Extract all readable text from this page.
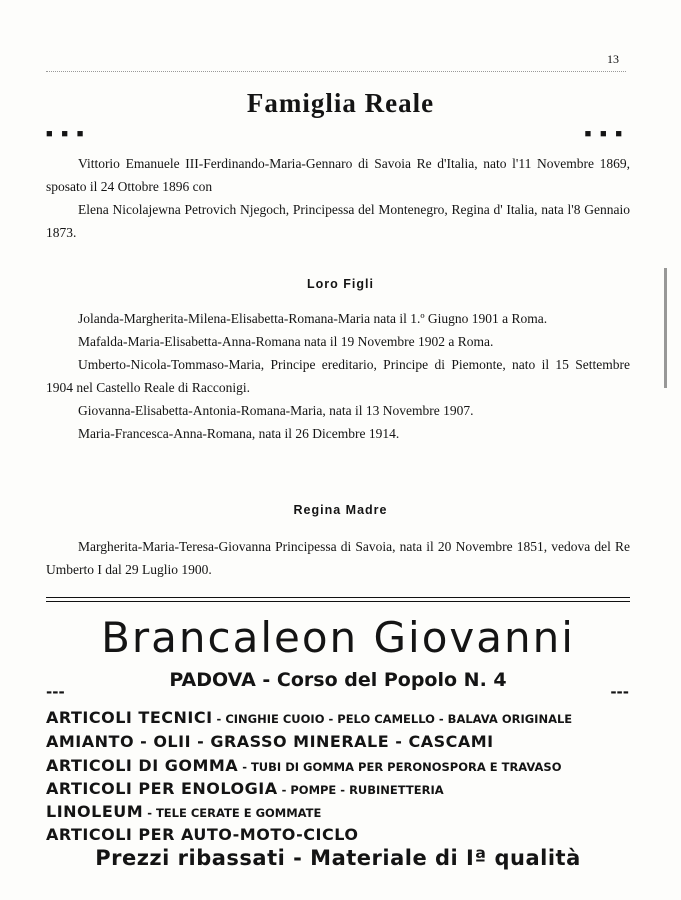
13
Famiglia Reale
■ ■ ■	■ ■ ■

Vittorio Emanuele III-Ferdinando-Maria-Gennaro di Savoia Re d'Italia, nato l'11 Novembre 1869, sposato il 24 Ottobre 1896 con

Elena Nicolajewna Petrovich Njegoch, Principessa del Montenegro, Regina d' Italia, nata l'8 Gennaio 1873.

Loro Figli

Jolanda-Margherita-Milena-Elisabetta-Romana-Maria nata il 1.º Giugno 1901 a Roma.

Mafalda-Maria-Elisabetta-Anna-Romana nata il 19 Novembre 1902 a Roma.

Umberto-Nicola-Tommaso-Maria, Principe ereditario, Principe di Piemonte, nato il 15 Settembre 1904 nel Castello Reale di Racconigi.

Giovanna-Elisabetta-Antonia-Romana-Maria, nata il 13 Novembre 1907.

Maria-Francesca-Anna-Romana, nata il 26 Dicembre 1914.

Regina Madre

Margherita-Maria-Teresa-Giovanna Principessa di Savoia, nata il 20 Novembre 1851, vedova del Re Umberto I dal 29 Luglio 1900.

Brancaleon Giovanni
---
PADOVA - Corso del Popolo N. 4
---
ARTICOLI TECNICI - CINGHIE CUOIO - PELO CAMELLO - BALAVA ORIGINALE
AMIANTO - OLII - GRASSO MINERALE - CASCAMI
ARTICOLI DI GOMMA - TUBI DI GOMMA PER PERONOSPORA E TRAVASO
ARTICOLI PER ENOLOGIA - POMPE - RUBINETTERIA
LINOLEUM - TELE CERATE E GOMMATE
ARTICOLI PER AUTO-MOTO-CICLO
Prezzi ribassati - Materiale di Iª qualità
